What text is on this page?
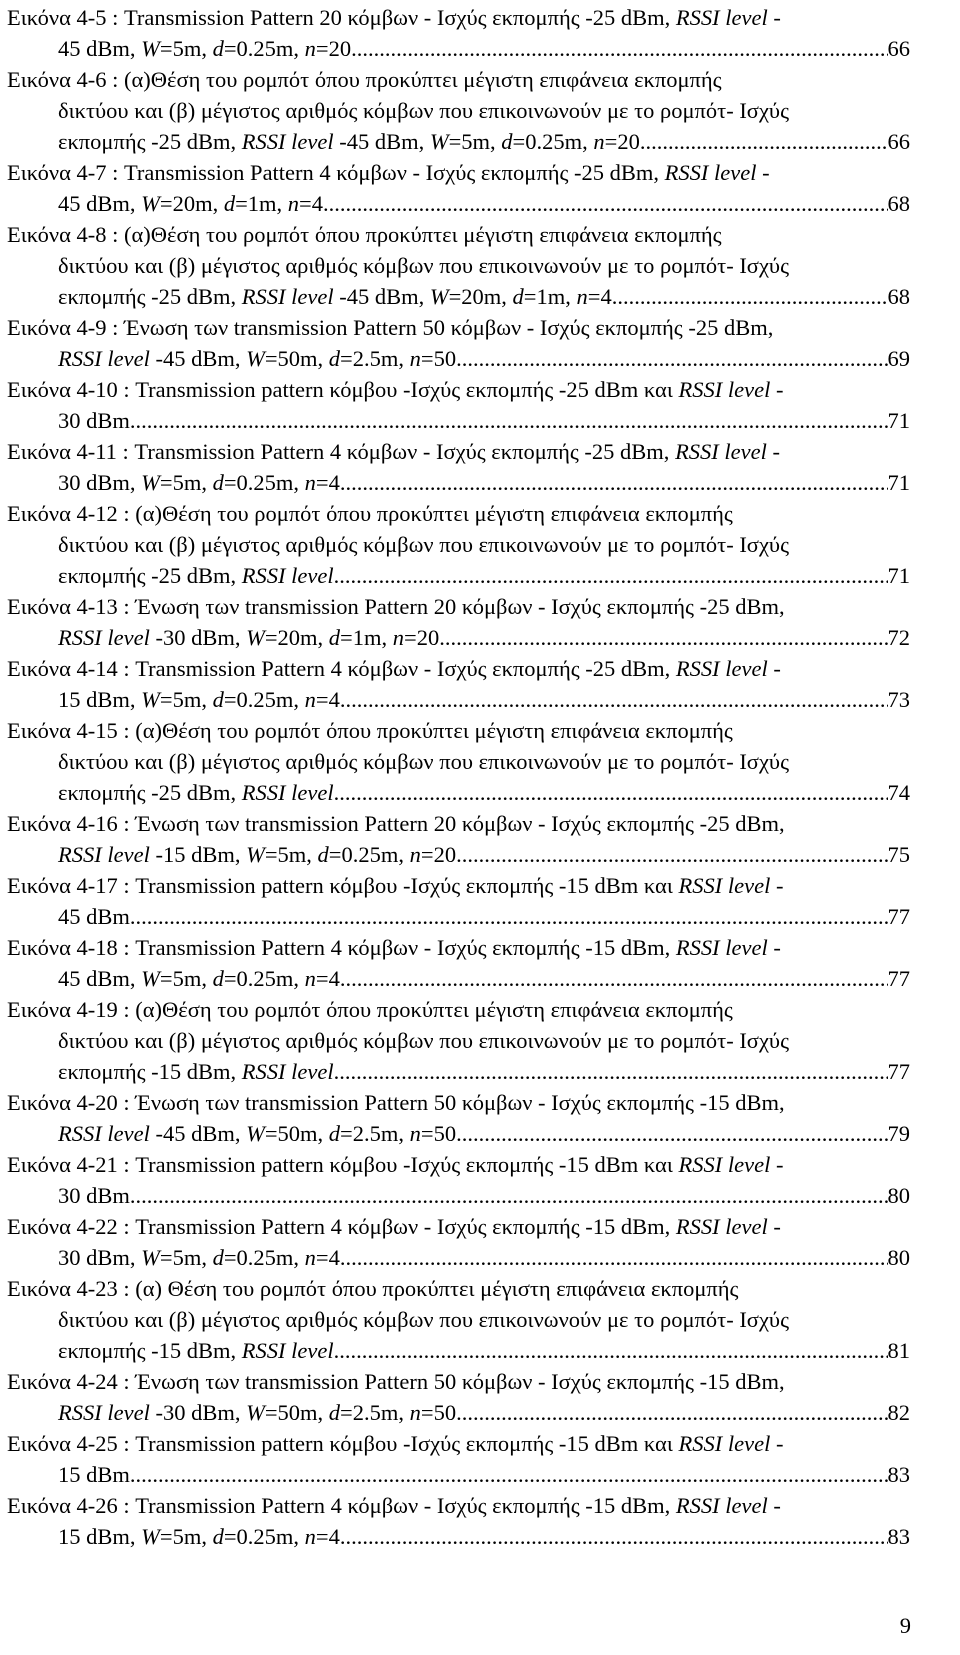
Εικόνα 4-5 : Transmission Pattern 20 κόμβων - Ισχύς εκπομπής -25 dBm, RSSI level -
45 dBm, W=5m, d=0.25m, n=20 .....	66
Εικόνα 4-6 : (α)Θέση του ρομπότ όπου προκύπτει μέγιστη επιφάνεια εκπομπής
δικτύου και (β) μέγιστος αριθμός κόμβων που επικοινωνούν με το ρομπότ- Ισχύς
εκπομπής -25 dBm, RSSI level -45 dBm, W=5m, d=0.25m, n=20 .....	66
Εικόνα 4-7 : Transmission Pattern 4 κόμβων - Ισχύς εκπομπής -25 dBm, RSSI level -
45 dBm, W=20m, d=1m, n=4 .....	68
Εικόνα 4-8 : (α)Θέση του ρομπότ όπου προκύπτει μέγιστη επιφάνεια εκπομπής
δικτύου και (β) μέγιστος αριθμός κόμβων που επικοινωνούν με το ρομπότ- Ισχύς
εκπομπής -25 dBm, RSSI level -45 dBm, W=20m, d=1m, n=4 .....	68
Εικόνα 4-9 : Ένωση των transmission Pattern 50 κόμβων - Ισχύς εκπομπής -25 dBm,
RSSI level -45 dBm, W=50m, d=2.5m, n=50 .....	69
Εικόνα 4-10 : Transmission pattern κόμβου -Ισχύς εκπομπής -25 dBm και RSSI level -
30 dBm .....	71
Εικόνα 4-11 : Transmission Pattern 4 κόμβων - Ισχύς εκπομπής -25 dBm, RSSI level -
30 dBm, W=5m, d=0.25m, n=4 .....	71
Εικόνα 4-12 : (α)Θέση του ρομπότ όπου προκύπτει μέγιστη επιφάνεια εκπομπής
δικτύου και (β) μέγιστος αριθμός κόμβων που επικοινωνούν με το ρομπότ- Ισχύς
εκπομπής -25 dBm, RSSI level .....	71
Εικόνα 4-13 : Ένωση των transmission Pattern 20 κόμβων - Ισχύς εκπομπής -25 dBm,
RSSI level -30 dBm, W=20m, d=1m, n=20 .....	72
Εικόνα 4-14 : Transmission Pattern 4 κόμβων - Ισχύς εκπομπής -25 dBm, RSSI level -
15 dBm, W=5m, d=0.25m, n=4 .....	73
Εικόνα 4-15 : (α)Θέση του ρομπότ όπου προκύπτει μέγιστη επιφάνεια εκπομπής
δικτύου και (β) μέγιστος αριθμός κόμβων που επικοινωνούν με το ρομπότ- Ισχύς
εκπομπής -25 dBm, RSSI level .....	74
Εικόνα 4-16 : Ένωση των transmission Pattern 20 κόμβων - Ισχύς εκπομπής -25 dBm,
RSSI level -15 dBm, W=5m, d=0.25m, n=20 .....	75
Εικόνα 4-17 : Transmission pattern κόμβου -Ισχύς εκπομπής -15 dBm και RSSI level -
45 dBm .....	77
Εικόνα 4-18 : Transmission Pattern 4 κόμβων - Ισχύς εκπομπής -15 dBm, RSSI level -
45 dBm, W=5m, d=0.25m, n=4 .....	77
Εικόνα 4-19 : (α)Θέση του ρομπότ όπου προκύπτει μέγιστη επιφάνεια εκπομπής
δικτύου και (β) μέγιστος αριθμός κόμβων που επικοινωνούν με το ρομπότ- Ισχύς
εκπομπής -15 dBm, RSSI level .....	77
Εικόνα 4-20 : Ένωση των transmission Pattern 50 κόμβων - Ισχύς εκπομπής -15 dBm,
RSSI level -45 dBm, W=50m, d=2.5m, n=50 .....	79
Εικόνα 4-21 : Transmission pattern κόμβου -Ισχύς εκπομπής -15 dBm και RSSI level -
30 dBm .....	80
Εικόνα 4-22 : Transmission Pattern 4 κόμβων - Ισχύς εκπομπής -15 dBm, RSSI level -
30 dBm, W=5m, d=0.25m, n=4 .....	80
Εικόνα 4-23 : (α) Θέση του ρομπότ όπου προκύπτει μέγιστη επιφάνεια εκπομπής
δικτύου και (β) μέγιστος αριθμός κόμβων που επικοινωνούν με το ρομπότ- Ισχύς
εκπομπής -15 dBm, RSSI level .....	81
Εικόνα 4-24 : Ένωση των transmission Pattern 50 κόμβων - Ισχύς εκπομπής -15 dBm,
RSSI level -30 dBm, W=50m, d=2.5m, n=50 .....	82
Εικόνα 4-25 : Transmission pattern κόμβου -Ισχύς εκπομπής -15 dBm και RSSI level -
15 dBm .....	83
Εικόνα 4-26 : Transmission Pattern 4 κόμβων - Ισχύς εκπομπής -15 dBm, RSSI level -
15 dBm, W=5m, d=0.25m, n=4 .....	83
9
